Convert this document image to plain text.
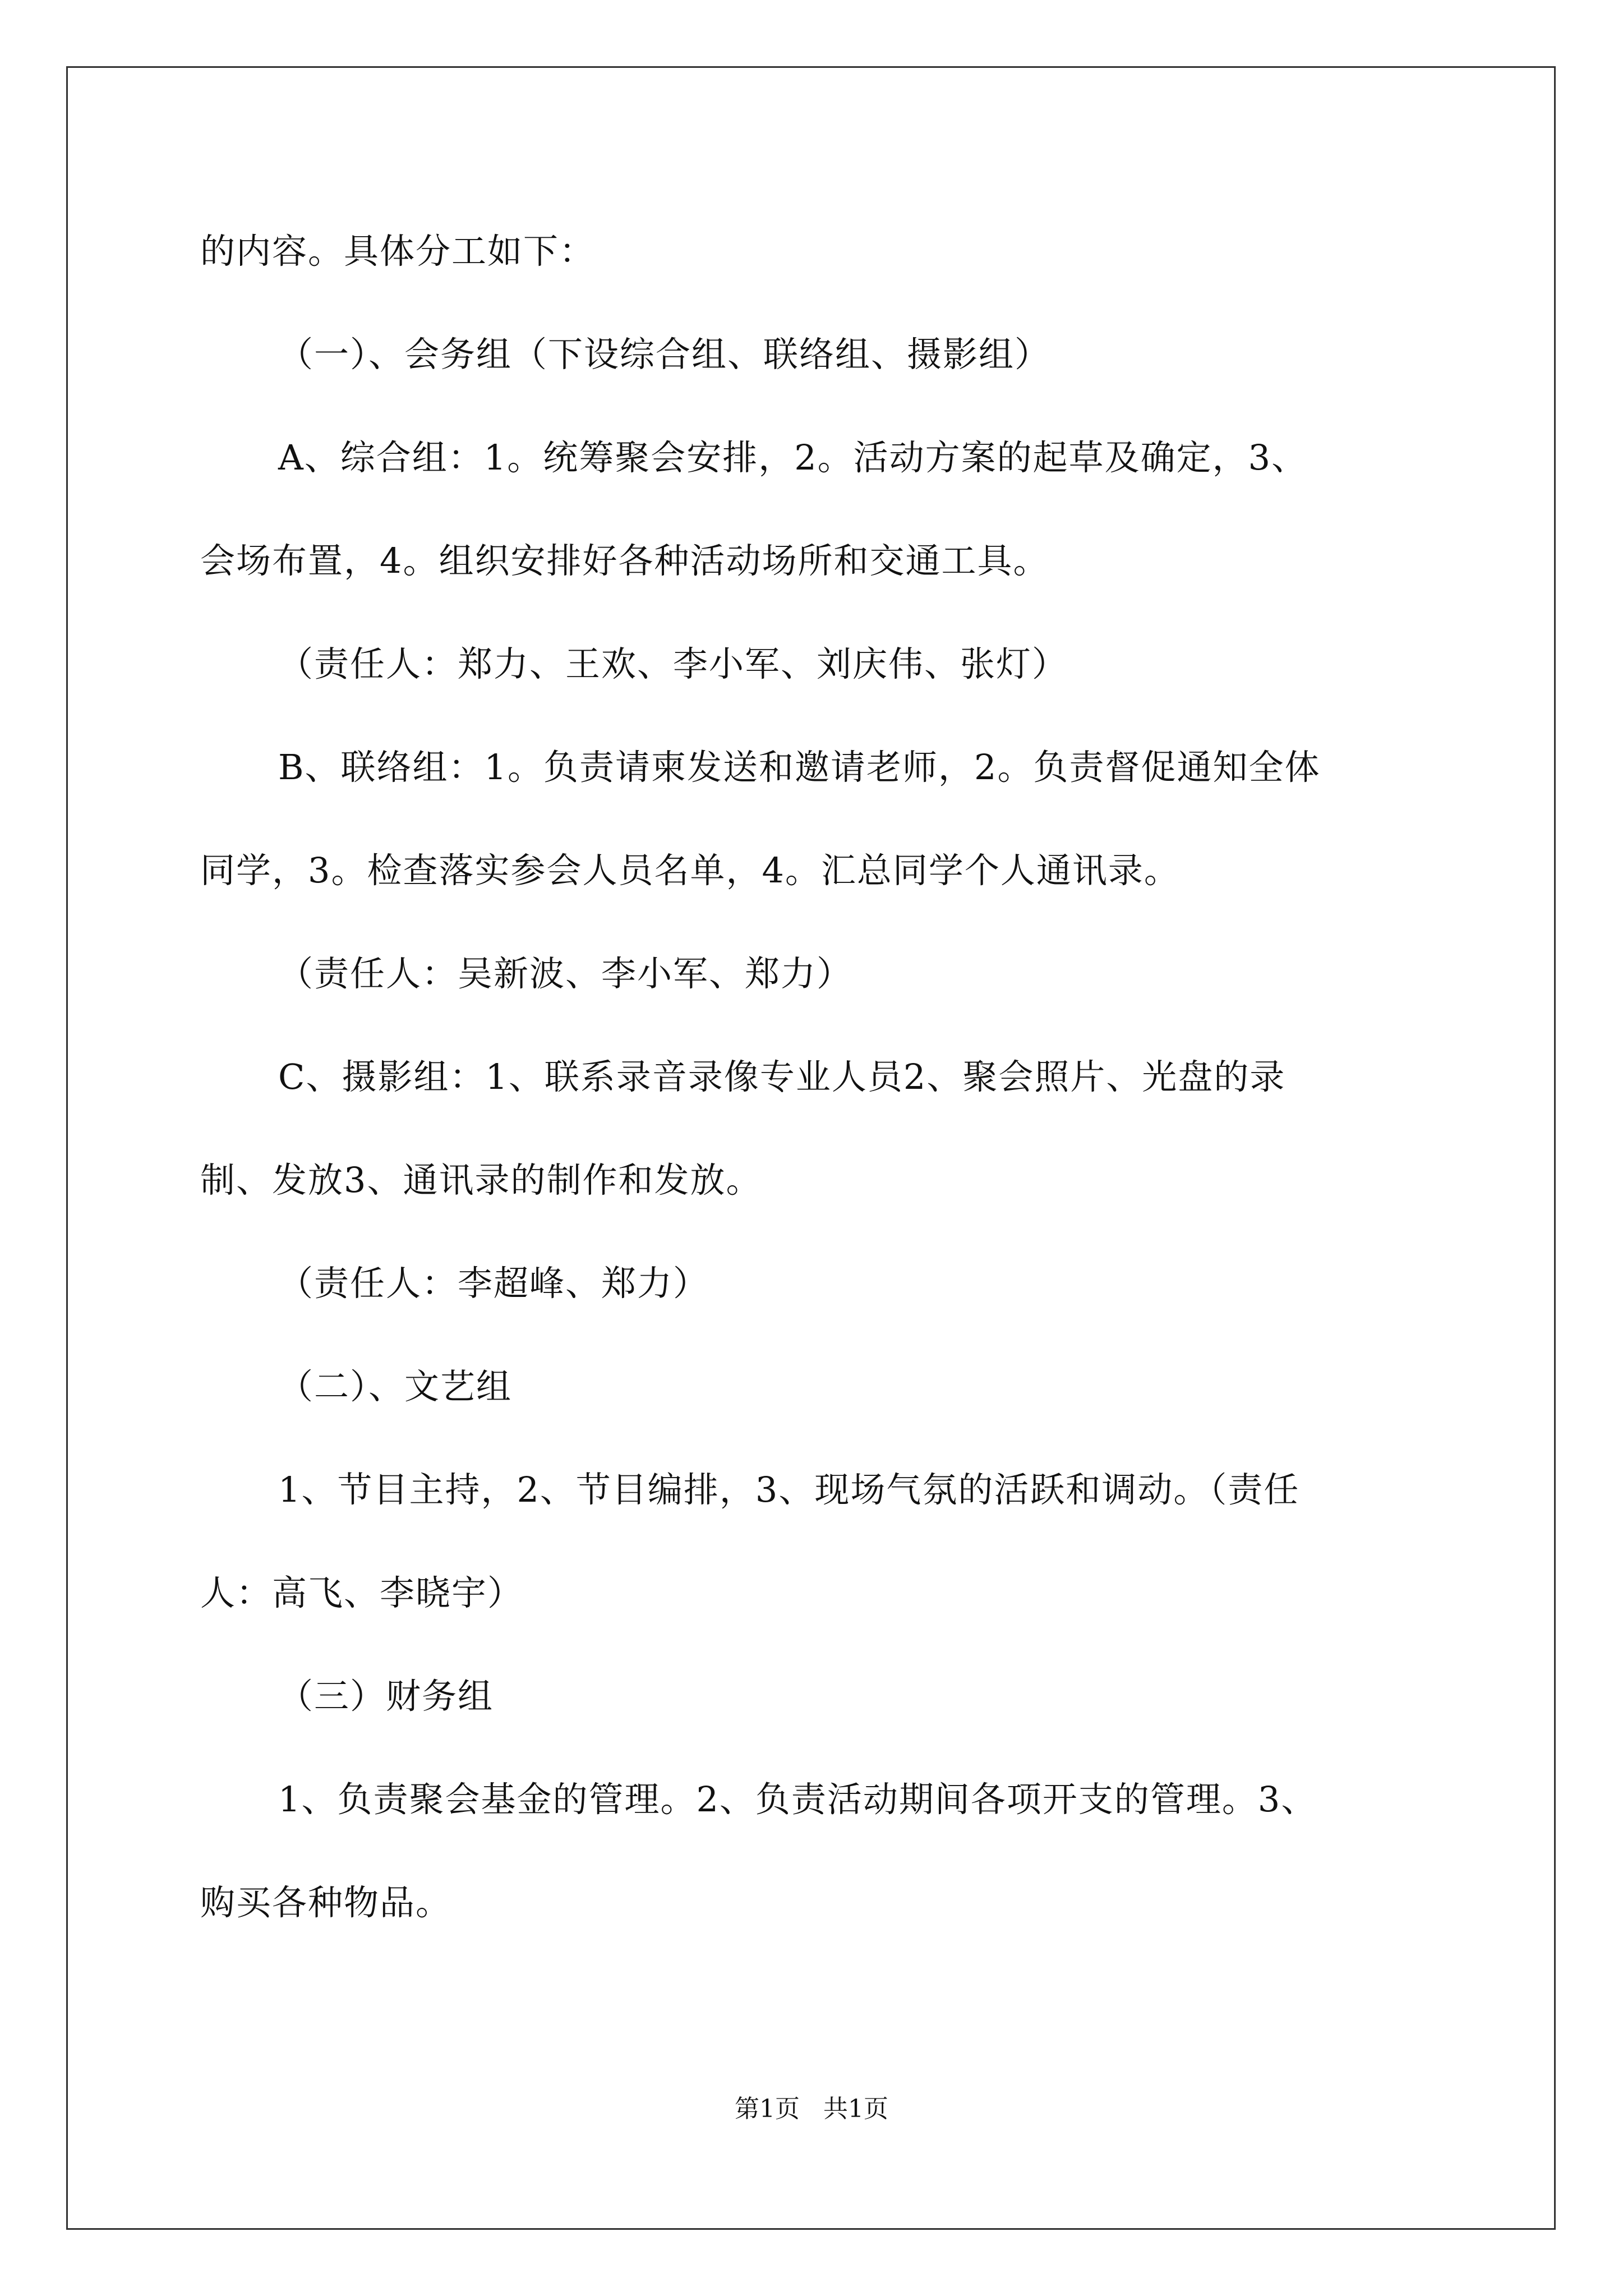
的内容。具体分工如下：
（一）、会务组（下设综合组、联络组、摄影组）
A、综合组：1。统筹聚会安排，2。活动方案的起草及确定，3、
会场布置，4。组织安排好各种活动场所和交通工具。
（责任人：郑力、王欢、李小军、刘庆伟、张灯）
B、联络组：1。负责请柬发送和邀请老师，2。负责督促通知全体
同学，3。检查落实参会人员名单，4。汇总同学个人通讯录。
（责任人：吴新波、李小军、郑力）
C、摄影组：1、联系录音录像专业人员2、聚会照片、光盘的录
制、发放3、通讯录的制作和发放。
（责任人：李超峰、郑力）
（二）、文艺组
1、节目主持，2、节目编排，3、现场气氛的活跃和调动。（责任
人：高飞、李晓宇）
（三）财务组
1、负责聚会基金的管理。2、负责活动期间各项开支的管理。3、
购买各种物品。
第1页   共1页
